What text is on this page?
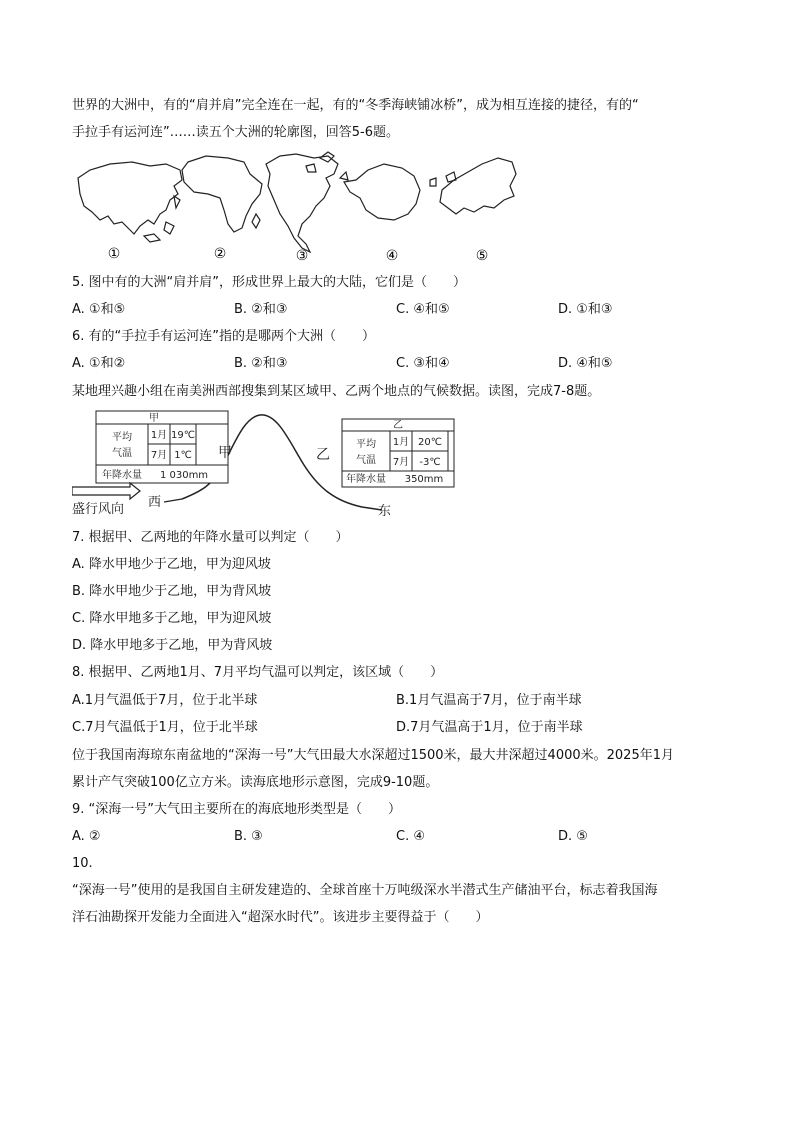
世界的大洲中，有的“肩并肩”完全连在一起，有的“冬季海峡铺冰桥”，成为相互连接的捷径，有的“
手拉手有运河连”……读五个大洲的轮廓图，回答5-6题。
①	②	③	④	⑤
5. 图中有的大洲“肩并肩”，形成世界上最大的大陆，它们是（　　）
A. ①和⑤	B. ②和③	C. ④和⑤	D. ①和③
6. 有的“手拉手有运河连”指的是哪两个大洲（　　）
A. ①和②	B. ②和③	C. ③和④	D. ④和⑤
某地理兴趣小组在南美洲西部搜集到某区域甲、乙两个地点的气候数据。读图，完成7-8题。
甲
平均
气温
1月 19℃
7月 1℃
年降水量 1 030mm
乙
平均
气温
1月 20℃
7月 -3℃
年降水量 350mm
甲	乙
西
东
盛行风向
7. 根据甲、乙两地的年降水量可以判定（　　）
A. 降水甲地少于乙地，甲为迎风坡
B. 降水甲地少于乙地，甲为背风坡
C. 降水甲地多于乙地，甲为迎风坡
D. 降水甲地多于乙地，甲为背风坡
8. 根据甲、乙两地1月、7月平均气温可以判定，该区域（　　）
A.1月气温低于7月，位于北半球	B.1月气温高于7月，位于南半球
C.7月气温低于1月，位于北半球	D.7月气温高于1月，位于南半球
位于我国南海琼东南盆地的“深海一号”大气田最大水深超过1500米，最大井深超过4000米。2025年1月
累计产气突破100亿立方米。读海底地形示意图，完成9-10题。
9. “深海一号”大气田主要所在的海底地形类型是（　　）
A. ②	B. ③	C. ④	D. ⑤
10.
“深海一号”使用的是我国自主研发建造的、全球首座十万吨级深水半潜式生产储油平台，标志着我国海
洋石油勘探开发能力全面进入“超深水时代”。该进步主要得益于（　　）
